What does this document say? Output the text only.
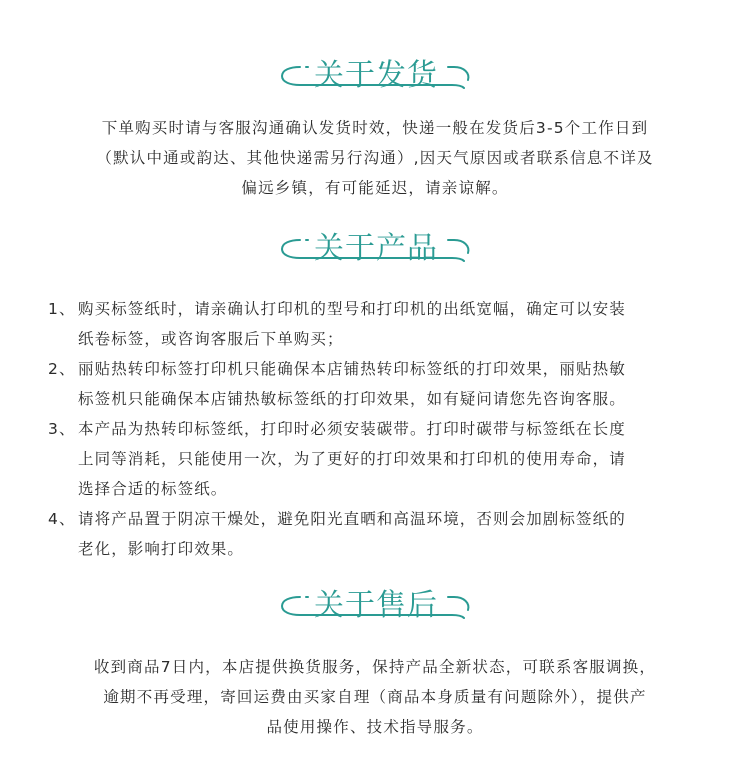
关于发货
下单购买时请与客服沟通确认发货时效，快递一般在发货后3-5个工作日到
（默认中通或韵达、其他快递需另行沟通）,因天气原因或者联系信息不详及
偏远乡镇，有可能延迟，请亲谅解。
关于产品
1、 购买标签纸时，请亲确认打印机的型号和打印机的出纸宽幅，确定可以安装
纸卷标签，或咨询客服后下单购买；
2、 丽贴热转印标签打印机只能确保本店铺热转印标签纸的打印效果，丽贴热敏
标签机只能确保本店铺热敏标签纸的打印效果，如有疑问请您先咨询客服。
3、 本产品为热转印标签纸，打印时必须安装碳带。打印时碳带与标签纸在长度
上同等消耗，只能使用一次，为了更好的打印效果和打印机的使用寿命，请
选择合适的标签纸。
4、 请将产品置于阴凉干燥处，避免阳光直晒和高温环境，否则会加剧标签纸的
老化，影响打印效果。
关于售后
收到商品7日内，本店提供换货服务，保持产品全新状态，可联系客服调换，
逾期不再受理，寄回运费由买家自理（商品本身质量有问题除外），提供产
品使用操作、技术指导服务。
